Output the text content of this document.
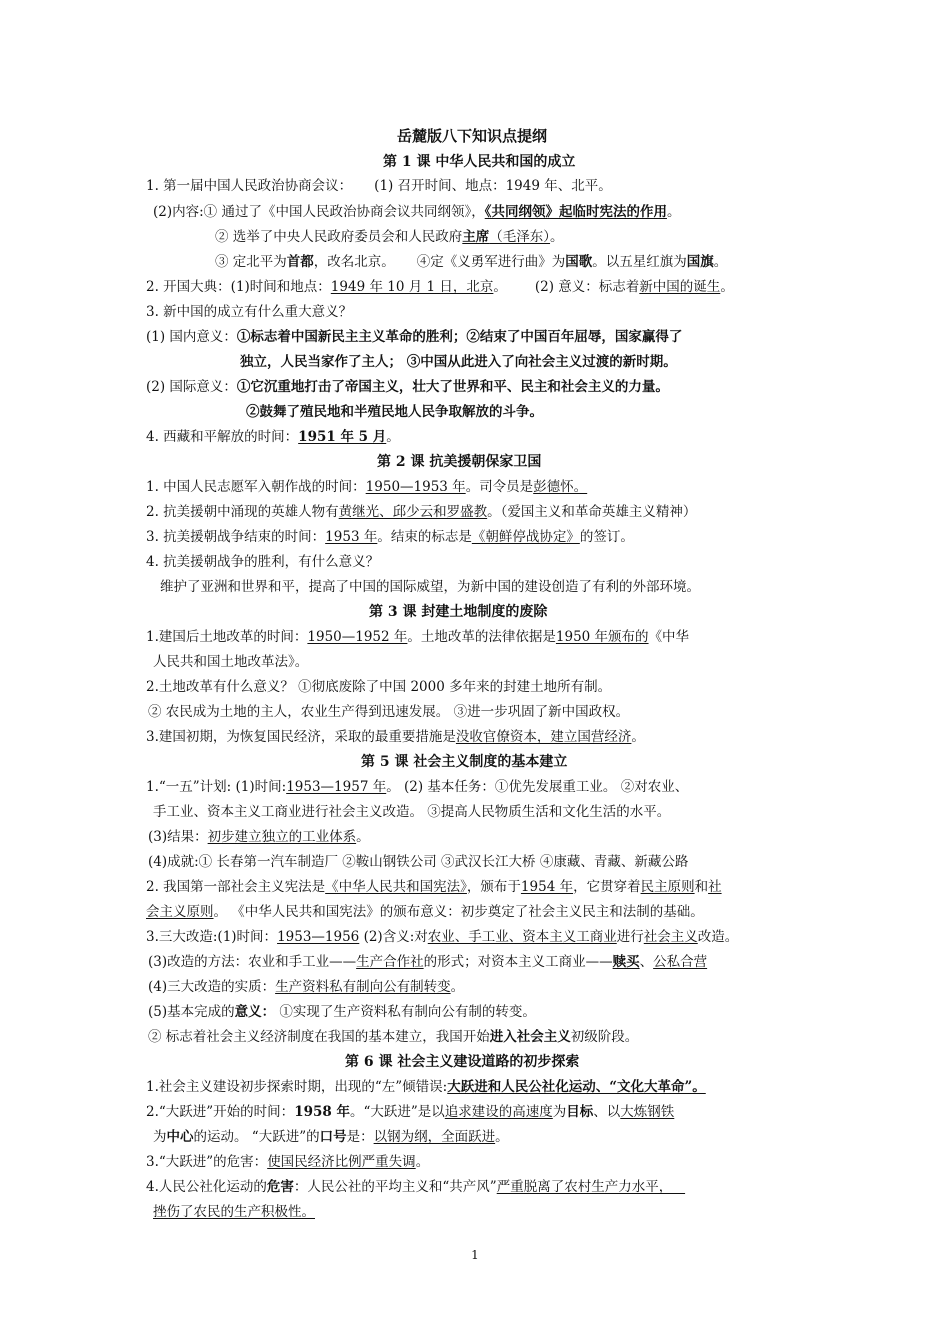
岳麓版八下知识点提纲
第 1 课 中华人民共和国的成立
1. 第一届中国人民政治协商会议： (1) 召开时间、地点：1949 年、北平。
(2)内容:① 通过了《中国人民政治协商会议共同纲领》，《共同纲领》起临时宪法的作用。
② 选举了中央人民政府委员会和人民政府主席（毛泽东）。
③ 定北平为首都，改名北京。 ④定《义勇军进行曲》为国歌。以五星红旗为国旗。
2. 开国大典：(1)时间和地点：1949 年 10 月 1 日，北京。 (2) 意义：标志着新中国的诞生。
3. 新中国的成立有什么重大意义？
(1) 国内意义：①标志着中国新民主主义革命的胜利；②结束了中国百年屈辱，国家赢得了
独立，人民当家作了主人； ③中国从此进入了向社会主义过渡的新时期。
(2) 国际意义：①它沉重地打击了帝国主义，壮大了世界和平、民主和社会主义的力量。
②鼓舞了殖民地和半殖民地人民争取解放的斗争。
4. 西藏和平解放的时间：1951 年 5 月。
第 2 课 抗美援朝保家卫国
1. 中国人民志愿军入朝作战的时间：1950—1953 年。司令员是彭德怀。
2. 抗美援朝中涌现的英雄人物有黄继光、邱少云和罗盛教。（爱国主义和革命英雄主义精神）
3. 抗美援朝战争结束的时间：1953 年。结束的标志是《朝鲜停战协定》的签订。
4. 抗美援朝战争的胜利，有什么意义？
维护了亚洲和世界和平，提高了中国的国际威望，为新中国的建设创造了有利的外部环境。
第 3 课 封建土地制度的废除
1.建国后土地改革的时间：1950—1952 年。土地改革的法律依据是1950 年颁布的《中华
人民共和国土地改革法》。
2.土地改革有什么意义？ ①彻底废除了中国 2000 多年来的封建土地所有制。
② 农民成为土地的主人，农业生产得到迅速发展。 ③进一步巩固了新中国政权。
3.建国初期，为恢复国民经济，采取的最重要措施是没收官僚资本，建立国营经济。
第 5 课 社会主义制度的基本建立
1.“一五”计划: (1)时间:1953—1957 年。 (2) 基本任务：①优先发展重工业。 ②对农业、
手工业、资本主义工商业进行社会主义改造。 ③提高人民物质生活和文化生活的水平。
(3)结果：初步建立独立的工业体系。
(4)成就:① 长春第一汽车制造厂 ②鞍山钢铁公司 ③武汉长江大桥 ④康藏、青藏、新藏公路
2. 我国第一部社会主义宪法是《中华人民共和国宪法》，颁布于1954 年，它贯穿着民主原则和社
会主义原则。 《中华人民共和国宪法》的颁布意义：初步奠定了社会主义民主和法制的基础。
3.三大改造:(1)时间：1953—1956 (2)含义:对农业、手工业、资本主义工商业进行社会主义改造。
(3)改造的方法：农业和手工业——生产合作社的形式；对资本主义工商业——赎买、公私合营
(4)三大改造的实质：生产资料私有制向公有制转变。
(5)基本完成的意义： ①实现了生产资料私有制向公有制的转变。
② 标志着社会主义经济制度在我国的基本建立，我国开始进入社会主义初级阶段。
第 6 课 社会主义建设道路的初步探索
1.社会主义建设初步探索时期，出现的“左”倾错误:大跃进和人民公社化运动、“文化大革命”。
2.“大跃进”开始的时间：1958 年。“大跃进”是以追求建设的高速度为目标、以大炼钢铁
为中心的运动。 “大跃进”的口号是：以钢为纲，全面跃进。
3.“大跃进”的危害：使国民经济比例严重失调。
4.人民公社化运动的危害：人民公社的平均主义和“共产风”严重脱离了农村生产力水平，
挫伤了农民的生产积极性。
1
